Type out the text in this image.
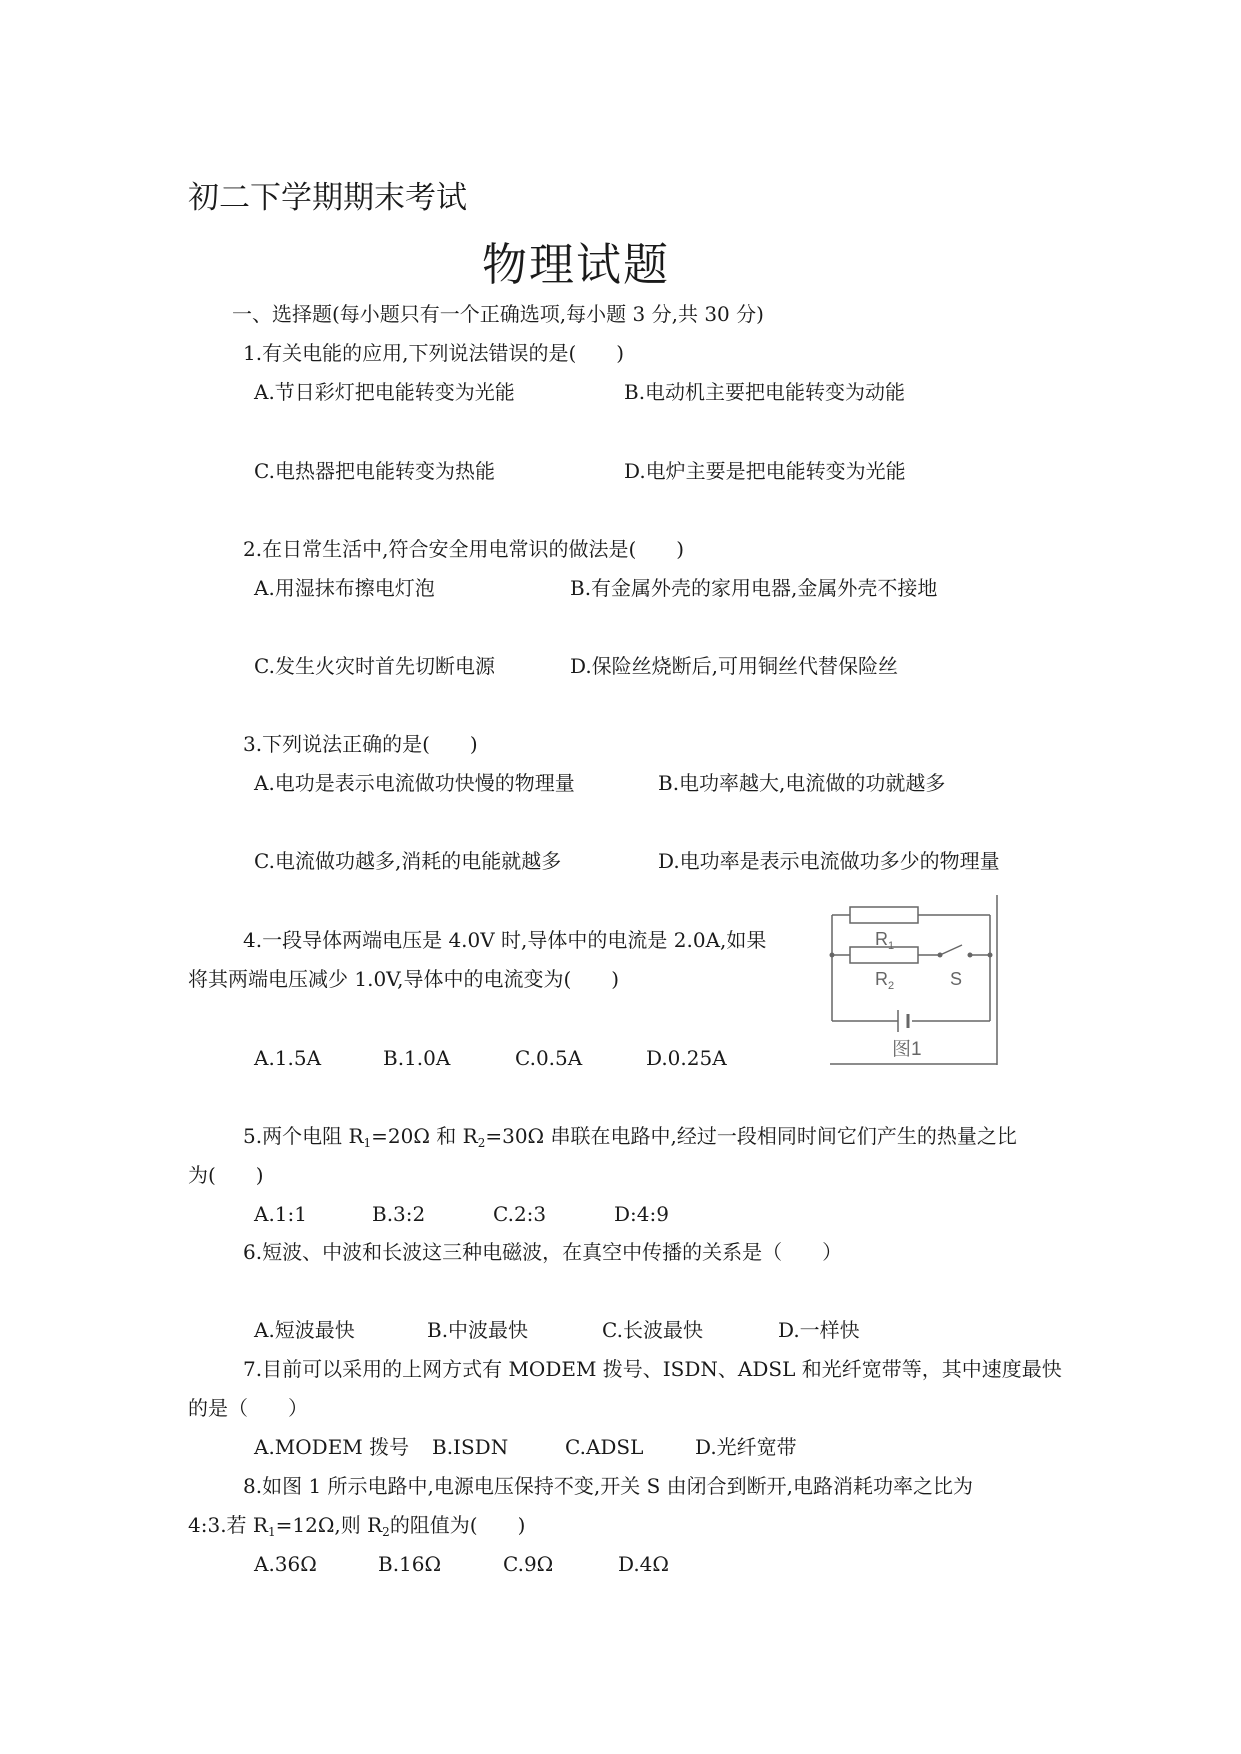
初二下学期期末考试
物理试题
一、选择题(每小题只有一个正确选项,每小题 3 分,共 30 分)
1.有关电能的应用,下列说法错误的是(　　)
A.节日彩灯把电能转变为光能	B.电动机主要把电能转变为动能
C.电热器把电能转变为热能	D.电炉主要是把电能转变为光能
2.在日常生活中,符合安全用电常识的做法是(　　)
A.用湿抹布擦电灯泡	B.有金属外壳的家用电器,金属外壳不接地
C.发生火灾时首先切断电源	D.保险丝烧断后,可用铜丝代替保险丝
3.下列说法正确的是(　　)
A.电功是表示电流做功快慢的物理量	B.电功率越大,电流做的功就越多
C.电流做功越多,消耗的电能就越多	D.电功率是表示电流做功多少的物理量
4.一段导体两端电压是 4.0V 时,导体中的电流是 2.0A,如果
将其两端电压减少 1.0V,导体中的电流变为(　　)
A.1.5A	B.1.0A	C.0.5A	D.0.25A
$R_1$
$R_2$	S
图1
5.两个电阻 $R_1=20\Omega$ 和 $R_2=30\Omega$ 串联在电路中,经过一段相同时间它们产生的热量之比
为(　　)
A.1:1	B.3:2	C.2:3	D:4:9
6.短波、中波和长波这三种电磁波，在真空中传播的关系是（　　）
A.短波最快	B.中波最快	C.长波最快	D.一样快
7.目前可以采用的上网方式有 MODEM 拨号、ISDN、ADSL 和光纤宽带等，其中速度最快
的是（　　）
A.MODEM 拨号 B.ISDN	C.ADSL	D.光纤宽带
8.如图 1 所示电路中,电源电压保持不变,开关 S 由闭合到断开,电路消耗功率之比为
4:3.若 $R_1=12\Omega$,则 $R_2$的阻值为(　　)
A.36Ω	B.16Ω	C.9Ω	D.4Ω
